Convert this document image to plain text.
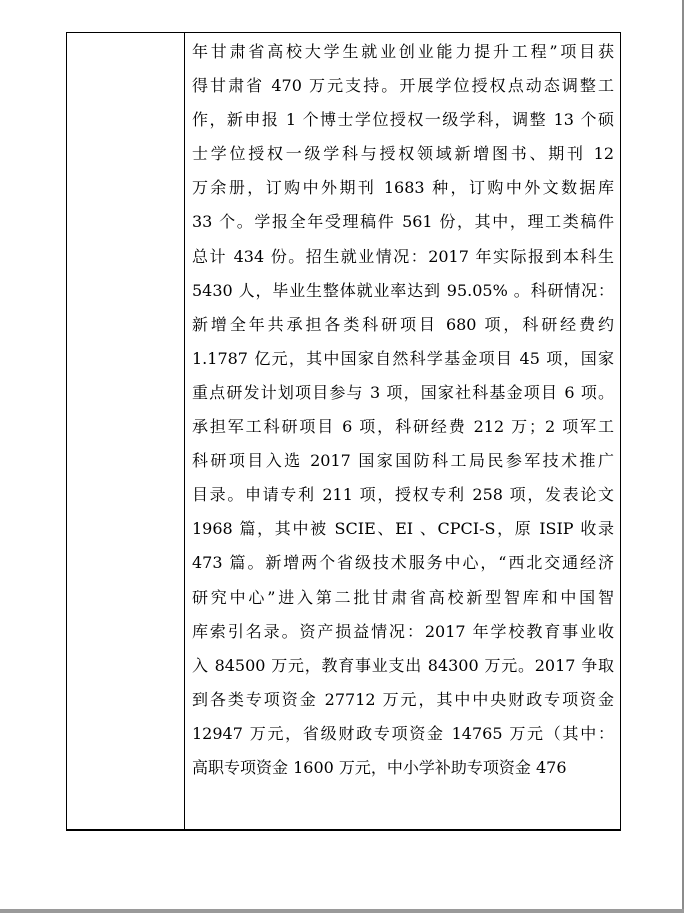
年甘肃省高校大学生就业创业能力提升工程”项目获
得甘肃省 470 万元支持。开展学位授权点动态调整工
作，新申报 1 个博士学位授权一级学科，调整 13 个硕
士学位授权一级学科与授权领域新增图书、期刊 12
万余册，订购中外期刊 1683 种，订购中外文数据库
33 个。学报全年受理稿件 561 份，其中，理工类稿件
总计 434 份。招生就业情况：2017 年实际报到本科生
5430 人，毕业生整体就业率达到 95.05% 。科研情况：
新增全年共承担各类科研项目 680 项，科研经费约
1.1787 亿元，其中国家自然科学基金项目 45 项，国家
重点研发计划项目参与 3 项，国家社科基金项目 6 项。
承担军工科研项目 6 项，科研经费 212 万；2 项军工
科研项目入选 2017 国家国防科工局民参军技术推广
目录。申请专利 211 项，授权专利 258 项，发表论文
1968 篇，其中被 SCIE、EI 、CPCI-S，原 ISIP 收录
473 篇。新增两个省级技术服务中心，“西北交通经济
研究中心”进入第二批甘肃省高校新型智库和中国智
库索引名录。资产损益情况：2017 年学校教育事业收
入 84500 万元，教育事业支出 84300 万元。2017 争取
到各类专项资金 27712 万元，其中中央财政专项资金
12947 万元，省级财政专项资金 14765 万元（其中：
高职专项资金 1600 万元，中小学补助专项资金 476
